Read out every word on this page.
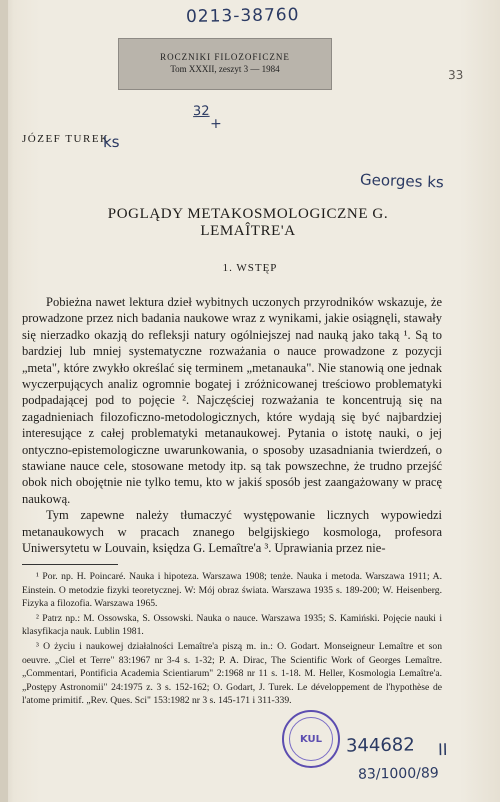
0213-38760
33
ROCZNIKI FILOZOFICZNE
Tom XXXII, zeszyt 3 — 1984
32
+
JÓZEF TUREK
ks
Georges ks
POGLĄDY METAKOSMOLOGICZNE G. LEMAÎTRE'A
1. WSTĘP

Pobieżna nawet lektura dzieł wybitnych uczonych przyrodników wskazuje, że prowadzone przez nich badania naukowe wraz z wynikami, jakie osiągnęli, stawały się nierzadko okazją do refleksji natury ogólniejszej nad nauką jako taką ¹. Są to bardziej lub mniej systematyczne rozważania o nauce prowadzone z pozycji „meta", które zwykło określać się terminem „metanauka". Nie stanowią one jednak wyczerpujących analiz ogromnie bogatej i zróżnicowanej treściowo problematyki podpadającej pod to pojęcie ². Najczęściej rozważania te koncentrują się na zagadnieniach filozoficzno-metodologicznych, które wydają się być najbardziej interesujące z całej problematyki metanaukowej. Pytania o istotę nauki, o jej ontyczno-epistemologiczne uwarunkowania, o sposoby uzasadniania twierdzeń, o stawiane nauce cele, stosowane metody itp. są tak powszechne, że trudno przejść obok nich obojętnie nie tylko temu, kto w jakiś sposób jest zaangażowany w pracę naukową.

Tym zapewne należy tłumaczyć występowanie licznych wypowiedzi metanaukowych w pracach znanego belgijskiego kosmologa, profesora Uniwersytetu w Louvain, księdza G. Lemaître'a ³. Uprawiania przez nie-

¹ Por. np. H. Poincaré. Nauka i hipoteza. Warszawa 1908; tenże. Nauka i metoda. Warszawa 1911; A. Einstein. O metodzie fizyki teoretycznej. W: Mój obraz świata. Warszawa 1935 s. 189-200; W. Heisenberg. Fizyka a filozofia. Warszawa 1965.

² Patrz np.: M. Ossowska, S. Ossowski. Nauka o nauce. Warszawa 1935; S. Kamiński. Pojęcie nauki i klasyfikacja nauk. Lublin 1981.

³ O życiu i naukowej działalności Lemaître'a piszą m. in.: O. Godart. Monseigneur Lemaître et son oeuvre. „Ciel et Terre" 83:1967 nr 3-4 s. 1-32; P. A. Dirac, The Scientific Work of Georges Lemaître. „Commentari, Pontificia Academia Scientiarum" 2:1968 nr 11 s. 1-18. M. Heller, Kosmologia Lemaître'a. „Postępy Astronomii" 24:1975 z. 3 s. 152-162; O. Godart, J. Turek. Le développement de l'hypothèse de l'atome primitif. „Rev. Ques. Sci" 153:1982 nr 3 s. 145-171 i 311-339.

KUL 344682 II
83/1000/89
